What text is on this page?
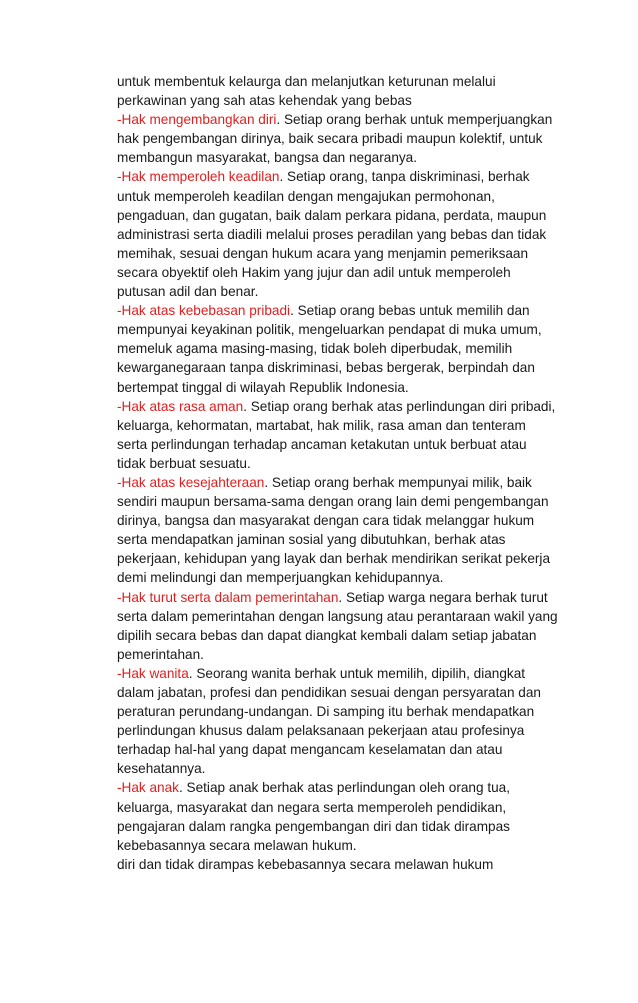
untuk membentuk kelaurga dan melanjutkan keturunan melalui
perkawinan yang sah atas kehendak yang bebas
-Hak mengembangkan diri. Setiap orang berhak untuk memperjuangkan
hak pengembangan dirinya, baik secara pribadi maupun kolektif, untuk
membangun masyarakat, bangsa dan negaranya.
-Hak memperoleh keadilan. Setiap orang, tanpa diskriminasi, berhak
untuk memperoleh keadilan dengan mengajukan permohonan,
pengaduan, dan gugatan, baik dalam perkara pidana, perdata, maupun
administrasi serta diadili melalui proses peradilan yang bebas dan tidak
memihak, sesuai dengan hukum acara yang menjamin pemeriksaan
secara obyektif oleh Hakim yang jujur dan adil untuk memperoleh
putusan adil dan benar.
-Hak atas kebebasan pribadi. Setiap orang bebas untuk memilih dan
mempunyai keyakinan politik, mengeluarkan pendapat di muka umum,
memeluk agama masing-masing, tidak boleh diperbudak, memilih
kewarganegaraan tanpa diskriminasi, bebas bergerak, berpindah dan
bertempat tinggal di wilayah Republik Indonesia.
-Hak atas rasa aman. Setiap orang berhak atas perlindungan diri pribadi,
keluarga, kehormatan, martabat, hak milik, rasa aman dan tenteram
serta perlindungan terhadap ancaman ketakutan untuk berbuat atau
tidak berbuat sesuatu.
-Hak atas kesejahteraan. Setiap orang berhak mempunyai milik, baik
sendiri maupun bersama-sama dengan orang lain demi pengembangan
dirinya, bangsa dan masyarakat dengan cara tidak melanggar hukum
serta mendapatkan jaminan sosial yang dibutuhkan, berhak atas
pekerjaan, kehidupan yang layak dan berhak mendirikan serikat pekerja
demi melindungi dan memperjuangkan kehidupannya.
-Hak turut serta dalam pemerintahan. Setiap warga negara berhak turut
serta dalam pemerintahan dengan langsung atau perantaraan wakil yang
dipilih secara bebas dan dapat diangkat kembali dalam setiap jabatan
pemerintahan.
-Hak wanita. Seorang wanita berhak untuk memilih, dipilih, diangkat
dalam jabatan, profesi dan pendidikan sesuai dengan persyaratan dan
peraturan perundang-undangan. Di samping itu berhak mendapatkan
perlindungan khusus dalam pelaksanaan pekerjaan atau profesinya
terhadap hal-hal yang dapat mengancam keselamatan dan atau
kesehatannya.
-Hak anak. Setiap anak berhak atas perlindungan oleh orang tua,
keluarga, masyarakat dan negara serta memperoleh pendidikan,
pengajaran dalam rangka pengembangan diri dan tidak dirampas
kebebasannya secara melawan hukum.
diri dan tidak dirampas kebebasannya secara melawan hukum
